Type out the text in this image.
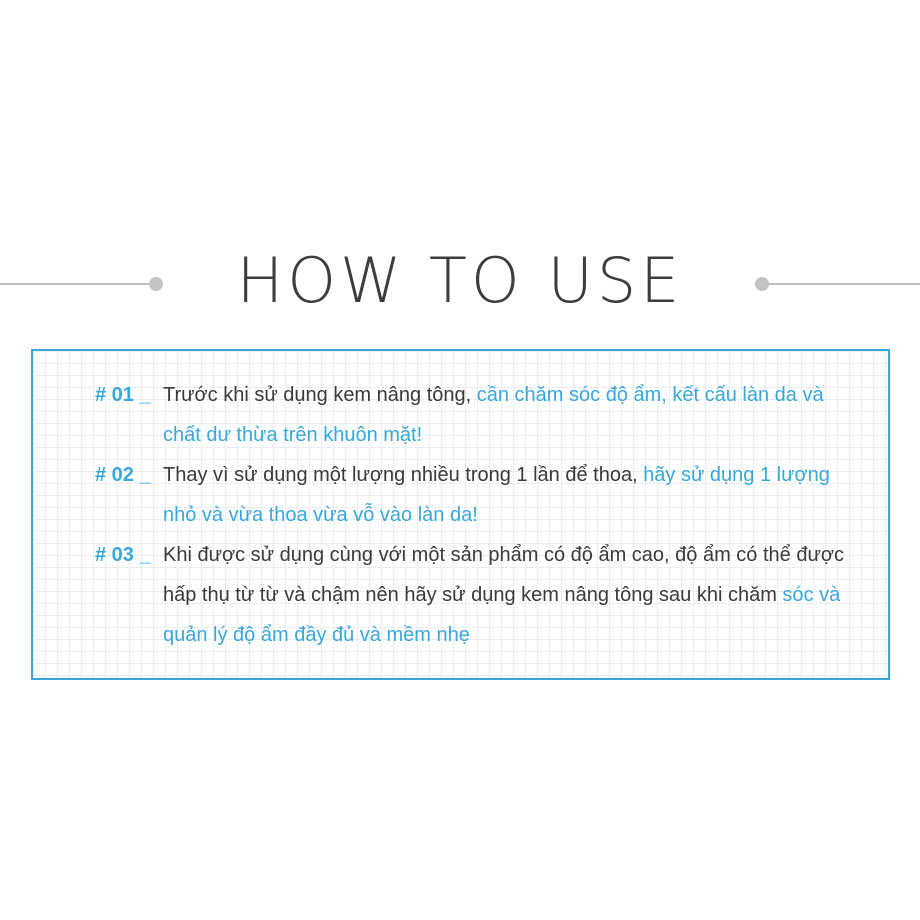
HOW TO USE
# 01 _ Trước khi sử dụng kem nâng tông, cần chăm sóc độ ẩm, kết cấu làn da và chất dư thừa trên khuôn mặt!
# 02 _ Thay vì sử dụng một lượng nhiều trong 1 lần để thoa, hãy sử dụng 1 lượng nhỏ và vừa thoa vừa vỗ vào làn da!
# 03 _ Khi được sử dụng cùng với một sản phẩm có độ ẩm cao, độ ẩm có thể được hấp thụ từ từ và chậm nên hãy sử dụng kem nâng tông sau khi chăm sóc và quản lý độ ẩm đầy đủ và mềm nhẹ
